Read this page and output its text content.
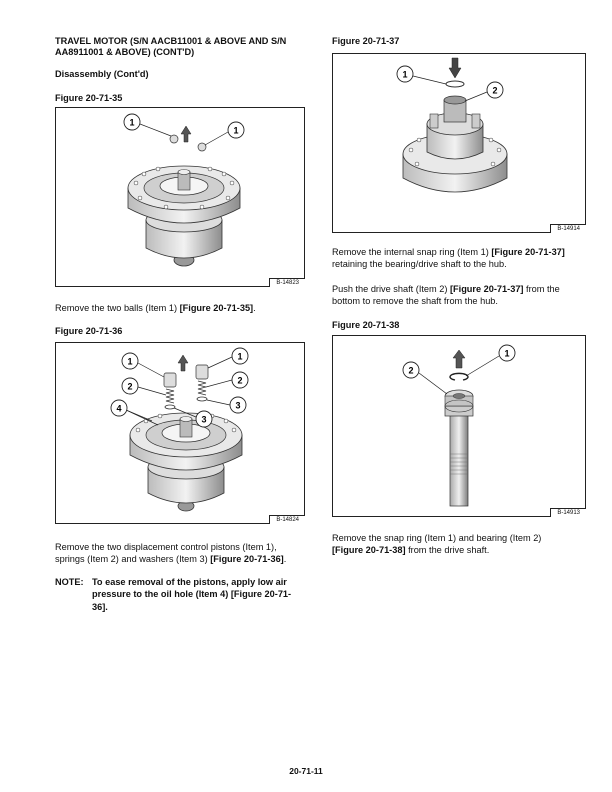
TRAVEL MOTOR (S/N AACB11001 & ABOVE AND S/N
AA8911001 & ABOVE) (CONT'D)
Disassembly (Cont'd)
Figure 20-71-35
1
1
B-14823
Remove the two balls (Item 1) [Figure 20-71-35].
Figure 20-71-36
1	1
2
2
3
3
4
B-14824
Remove the two displacement control pistons (Item 1),
springs (Item 2) and washers (Item 3) [Figure 20-71-36].
NOTE: To ease removal of the pistons, apply low air
pressure to the oil hole (Item 4) [Figure 20-71-
36].
Figure 20-71-37
1
2
B-14914
Remove the internal snap ring (Item 1) [Figure 20-71-37]
retaining the bearing/drive shaft to the hub.
Push the drive shaft (Item 2) [Figure 20-71-37] from the
bottom to remove the shaft from the hub.
Figure 20-71-38
1
2
B-14913
Remove the snap ring (Item 1) and bearing (Item 2)
[Figure 20-71-38] from the drive shaft.
20-71-11
